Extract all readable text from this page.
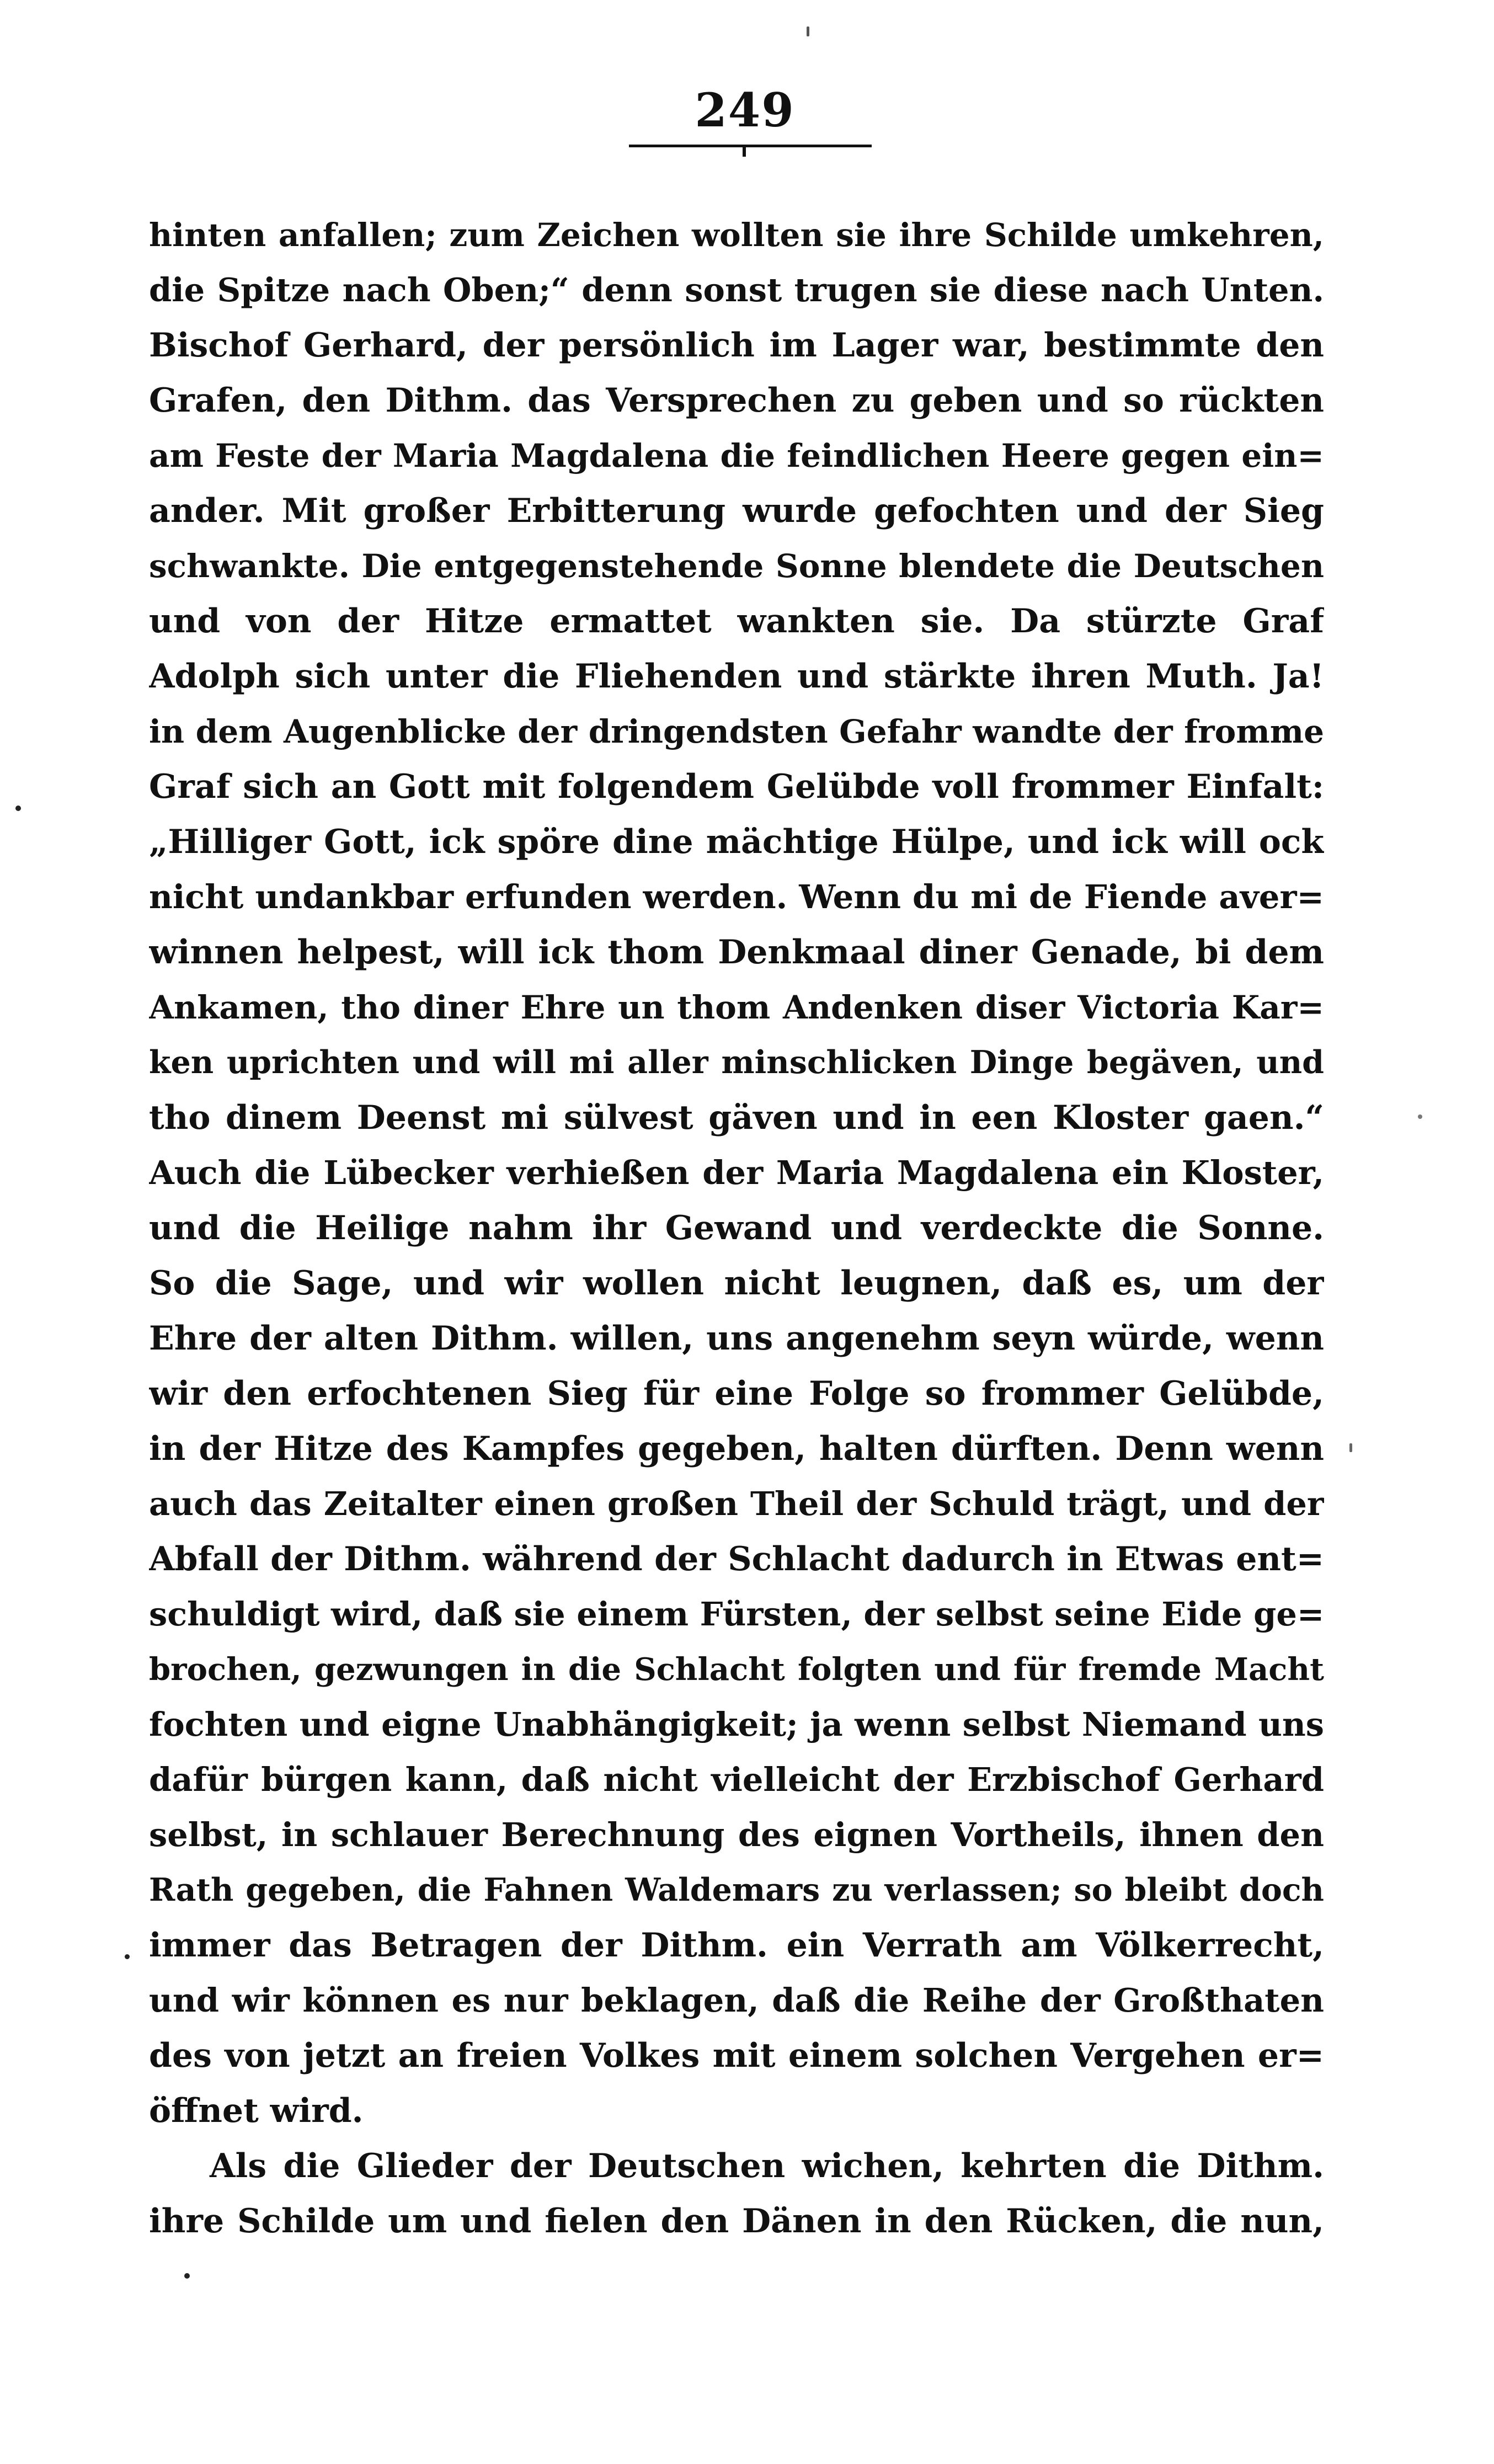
249
hinten anfallen; zum Zeichen wollten sie ihre Schilde umkehren,
die Spitze nach Oben;“ denn sonst trugen sie diese nach Unten.
Bischof Gerhard, der persönlich im Lager war, bestimmte den
Grafen, den Dithm. das Versprechen zu geben und so rückten
am Feste der Maria Magdalena die feindlichen Heere gegen ein=
ander. Mit großer Erbitterung wurde gefochten und der Sieg
schwankte. Die entgegenstehende Sonne blendete die Deutschen
und von der Hitze ermattet wankten sie. Da stürzte Graf
Adolph sich unter die Fliehenden und stärkte ihren Muth. Ja!
in dem Augenblicke der dringendsten Gefahr wandte der fromme
Graf sich an Gott mit folgendem Gelübde voll frommer Einfalt:
„Hilliger Gott, ick spöre dine mächtige Hülpe, und ick will ock
nicht undankbar erfunden werden. Wenn du mi de Fiende aver=
winnen helpest, will ick thom Denkmaal diner Genade, bi dem
Ankamen, tho diner Ehre un thom Andenken diser Victoria Kar=
ken uprichten und will mi aller minschlicken Dinge begäven, und
tho dinem Deenst mi sülvest gäven und in een Kloster gaen.“
Auch die Lübecker verhießen der Maria Magdalena ein Kloster,
und die Heilige nahm ihr Gewand und verdeckte die Sonne.
So die Sage, und wir wollen nicht leugnen, daß es, um der
Ehre der alten Dithm. willen, uns angenehm seyn würde, wenn
wir den erfochtenen Sieg für eine Folge so frommer Gelübde,
in der Hitze des Kampfes gegeben, halten dürften. Denn wenn
auch das Zeitalter einen großen Theil der Schuld trägt, und der
Abfall der Dithm. während der Schlacht dadurch in Etwas ent=
schuldigt wird, daß sie einem Fürsten, der selbst seine Eide ge=
brochen, gezwungen in die Schlacht folgten und für fremde Macht
fochten und eigne Unabhängigkeit; ja wenn selbst Niemand uns
dafür bürgen kann, daß nicht vielleicht der Erzbischof Gerhard
selbst, in schlauer Berechnung des eignen Vortheils, ihnen den
Rath gegeben, die Fahnen Waldemars zu verlassen; so bleibt doch
immer das Betragen der Dithm. ein Verrath am Völkerrecht,
und wir können es nur beklagen, daß die Reihe der Großthaten
des von jetzt an freien Volkes mit einem solchen Vergehen er=
öffnet wird.
Als die Glieder der Deutschen wichen, kehrten die Dithm.
ihre Schilde um und fielen den Dänen in den Rücken, die nun,
